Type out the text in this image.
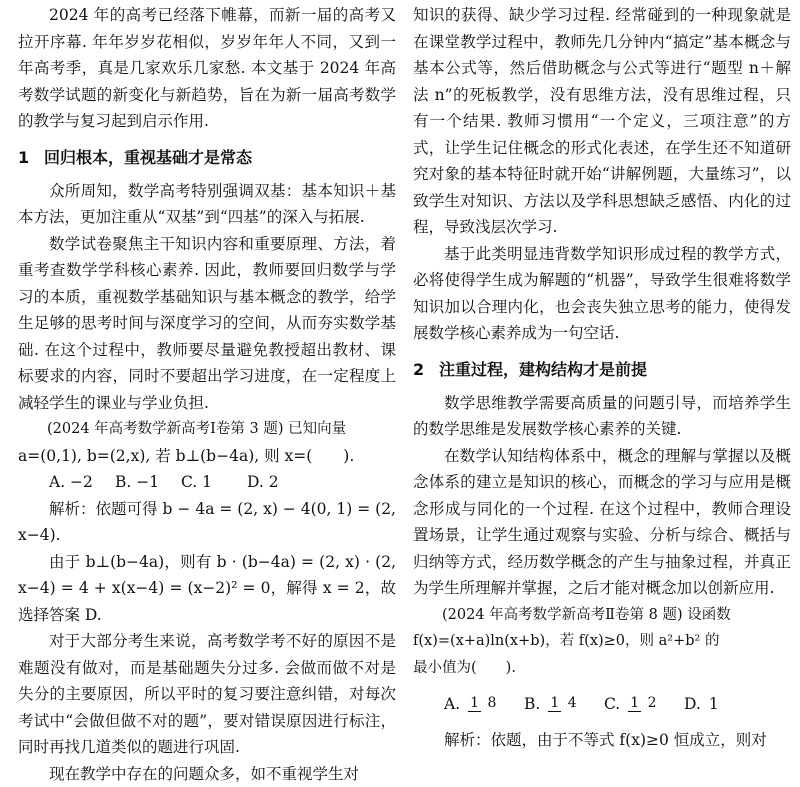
2024 年的高考已经落下帷幕，而新一届的高考又拉开序幕. 年年岁岁花相似，岁岁年年人不同，又到一年高考季，真是几家欢乐几家愁. 本文基于 2024 年高考数学试题的新变化与新趋势，旨在为新一届高考数学的教学与复习起到启示作用.

1 回归根本，重视基础才是常态

众所周知，数学高考特别强调双基：基本知识＋基本方法，更加注重从“双基”到“四基”的深入与拓展.

数学试卷聚焦主干知识内容和重要原理、方法，着重考查数学学科核心素养. 因此，教师要回归数学与学习的本质，重视数学基础知识与基本概念的教学，给学生足够的思考时间与深度学习的空间，从而夯实数学基础. 在这个过程中，教师要尽量避免教授超出教材、课标要求的内容，同时不要超出学习进度，在一定程度上减轻学生的课业与学业负担.

(2024 年高考数学新高考Ⅰ卷第 3 题) 已知向量

a=(0,1), b=(2,x), 若 b⊥(b−4a), 则 x=(　　).

A. −2	B. −1	C. 1	D. 2

解析：依题可得 b − 4a = (2, x) − 4(0, 1) = (2, x−4).

由于 b⊥(b−4a)，则有 b · (b−4a) = (2, x) · (2, x−4) = 4 + x(x−4) = (x−2)² = 0，解得 x = 2，故选择答案 D.

对于大部分考生来说，高考数学考不好的原因不是难题没有做对，而是基础题失分过多. 会做而做不对是失分的主要原因，所以平时的复习要注意纠错，对每次考试中“会做但做不对的题”，要对错误原因进行标注，同时再找几道类似的题进行巩固.

现在教学中存在的问题众多，如不重视学生对

知识的获得、缺少学习过程. 经常碰到的一种现象就是在课堂教学过程中，教师先几分钟内“搞定”基本概念与基本公式等，然后借助概念与公式等进行“题型 n＋解法 n”的死板教学，没有思维方法，没有思维过程，只有一个结果. 教师习惯用“一个定义，三项注意”的方式，让学生记住概念的形式化表述，在学生还不知道研究对象的基本特征时就开始“讲解例题，大量练习”，以致学生对知识、方法以及学科思想缺乏感悟、内化的过程，导致浅层次学习.

基于此类明显违背数学知识形成过程的教学方式，必将使得学生成为解题的“机器”，导致学生很难将数学知识加以合理内化，也会丧失独立思考的能力，使得发展数学核心素养成为一句空话.

2 注重过程，建构结构才是前提

数学思维教学需要高质量的问题引导，而培养学生的数学思维是发展数学核心素养的关键.

在数学认知结构体系中，概念的理解与掌握以及概念体系的建立是知识的核心，而概念的学习与应用是概念形成与同化的一个过程. 在这个过程中，教师合理设置场景，让学生通过观察与实验、分析与综合、概括与归纳等方式，经历数学概念的产生与抽象过程，并真正为学生所理解并掌握，之后才能对概念加以创新应用.

(2024 年高考数学新高考Ⅱ卷第 8 题) 设函数

f(x)=(x+a)ln(x+b)，若 f(x)≥0，则 a²+b² 的

最小值为(　　).

A. 1 8 B. 1 4 C. 1 2 D. 1

解析：依题，由于不等式 f(x)≥0 恒成立，则对
